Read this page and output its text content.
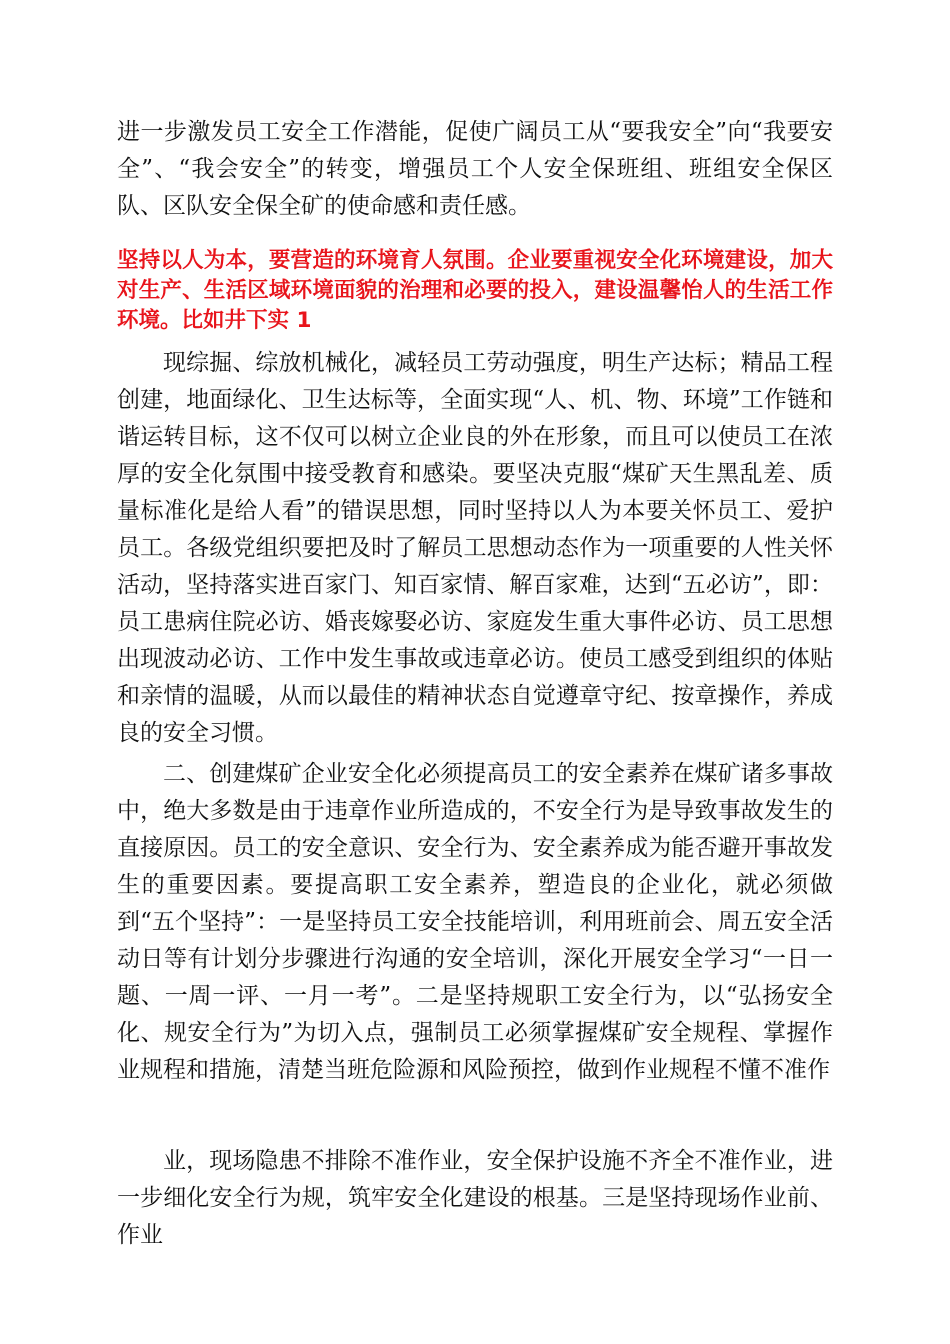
进一步激发员工安全工作潜能，促使广阔员工从“要我安全”向“我要安全”、“我会安全”的转变，增强员工个人安全保班组、班组安全保区队、区队安全保全矿的使命感和责任感。

坚持以人为本，要营造的环境育人氛围。企业要重视安全化环境建设，加大对生产、生活区域环境面貌的治理和必要的投入，建设温馨怡人的生活工作环境。比如井下实 1

现综掘、综放机械化，减轻员工劳动强度，明生产达标；精品工程创建，地面绿化、卫生达标等，全面实现“人、机、物、环境”工作链和谐运转目标，这不仅可以树立企业良的外在形象，而且可以使员工在浓厚的安全化氛围中接受教育和感染。要坚决克服“煤矿天生黑乱差、质量标准化是给人看”的错误思想，同时坚持以人为本要关怀员工、爱护员工。各级党组织要把及时了解员工思想动态作为一项重要的人性关怀活动，坚持落实进百家门、知百家情、解百家难，达到“五必访”，即：员工患病住院必访、婚丧嫁娶必访、家庭发生重大事件必访、员工思想出现波动必访、工作中发生事故或违章必访。使员工感受到组织的体贴和亲情的温暖，从而以最佳的精神状态自觉遵章守纪、按章操作，养成良的安全习惯。

二、创建煤矿企业安全化必须提高员工的安全素养在煤矿诸多事故中，绝大多数是由于违章作业所造成的，不安全行为是导致事故发生的直接原因。员工的安全意识、安全行为、安全素养成为能否避开事故发生的重要因素。要提高职工安全素养，塑造良的企业化，就必须做到“五个坚持”：一是坚持员工安全技能培训，利用班前会、周五安全活动日等有计划分步骤进行沟通的安全培训，深化开展安全学习“一日一题、一周一评、一月一考”。二是坚持规职工安全行为，以“弘扬安全化、规安全行为”为切入点，强制员工必须掌握煤矿安全规程、掌握作业规程和措施，清楚当班危险源和风险预控，做到作业规程不懂不准作

业，现场隐患不排除不准作业，安全保护设施不齐全不准作业，进一步细化安全行为规，筑牢安全化建设的根基。三是坚持现场作业前、作业
